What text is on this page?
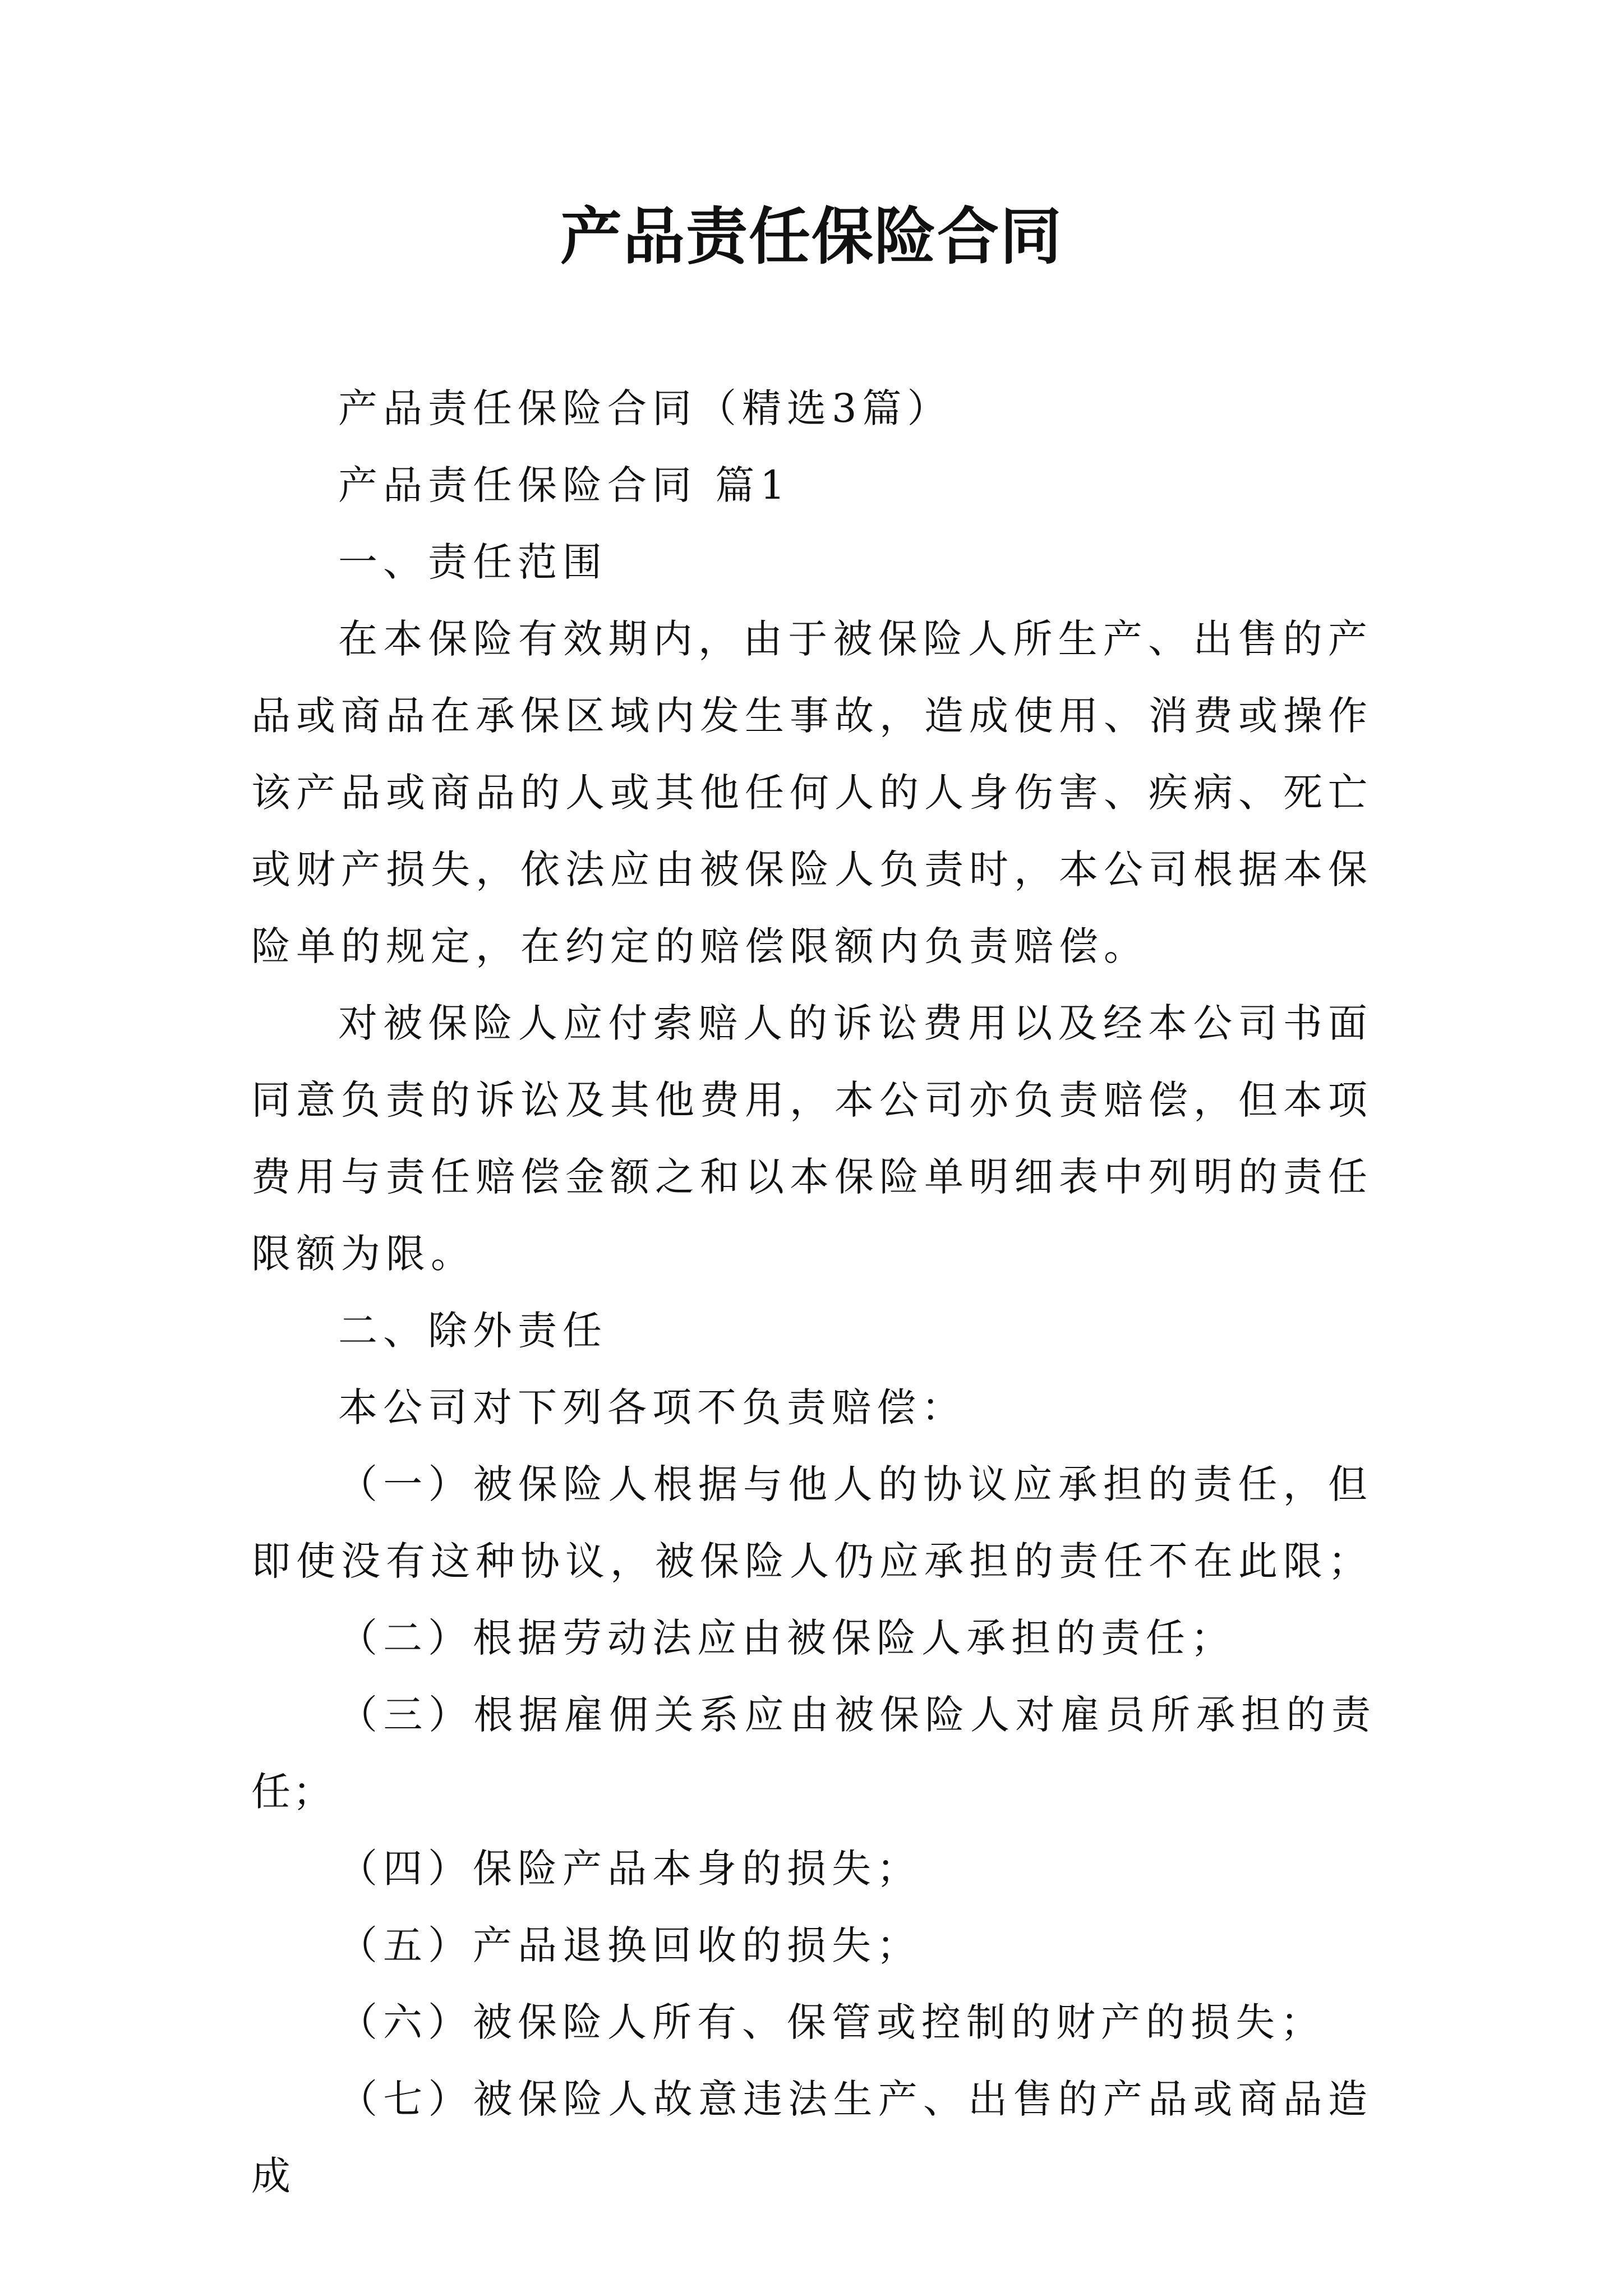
产品责任保险合同

产品责任保险合同（精选3篇）

产品责任保险合同 篇1

一、责任范围

在本保险有效期内，由于被保险人所生产、出售的产品或商品在承保区域内发生事故，造成使用、消费或操作该产品或商品的人或其他任何人的人身伤害、疾病、死亡或财产损失，依法应由被保险人负责时，本公司根据本保险单的规定，在约定的赔偿限额内负责赔偿。

对被保险人应付索赔人的诉讼费用以及经本公司书面同意负责的诉讼及其他费用，本公司亦负责赔偿，但本项费用与责任赔偿金额之和以本保险单明细表中列明的责任限额为限。

二、除外责任

本公司对下列各项不负责赔偿：

（一）被保险人根据与他人的协议应承担的责任，但即使没有这种协议，被保险人仍应承担的责任不在此限；

（二）根据劳动法应由被保险人承担的责任；

（三）根据雇佣关系应由被保险人对雇员所承担的责任；

（四）保险产品本身的损失；

（五）产品退换回收的损失；

（六）被保险人所有、保管或控制的财产的损失；

（七）被保险人故意违法生产、出售的产品或商品造成
